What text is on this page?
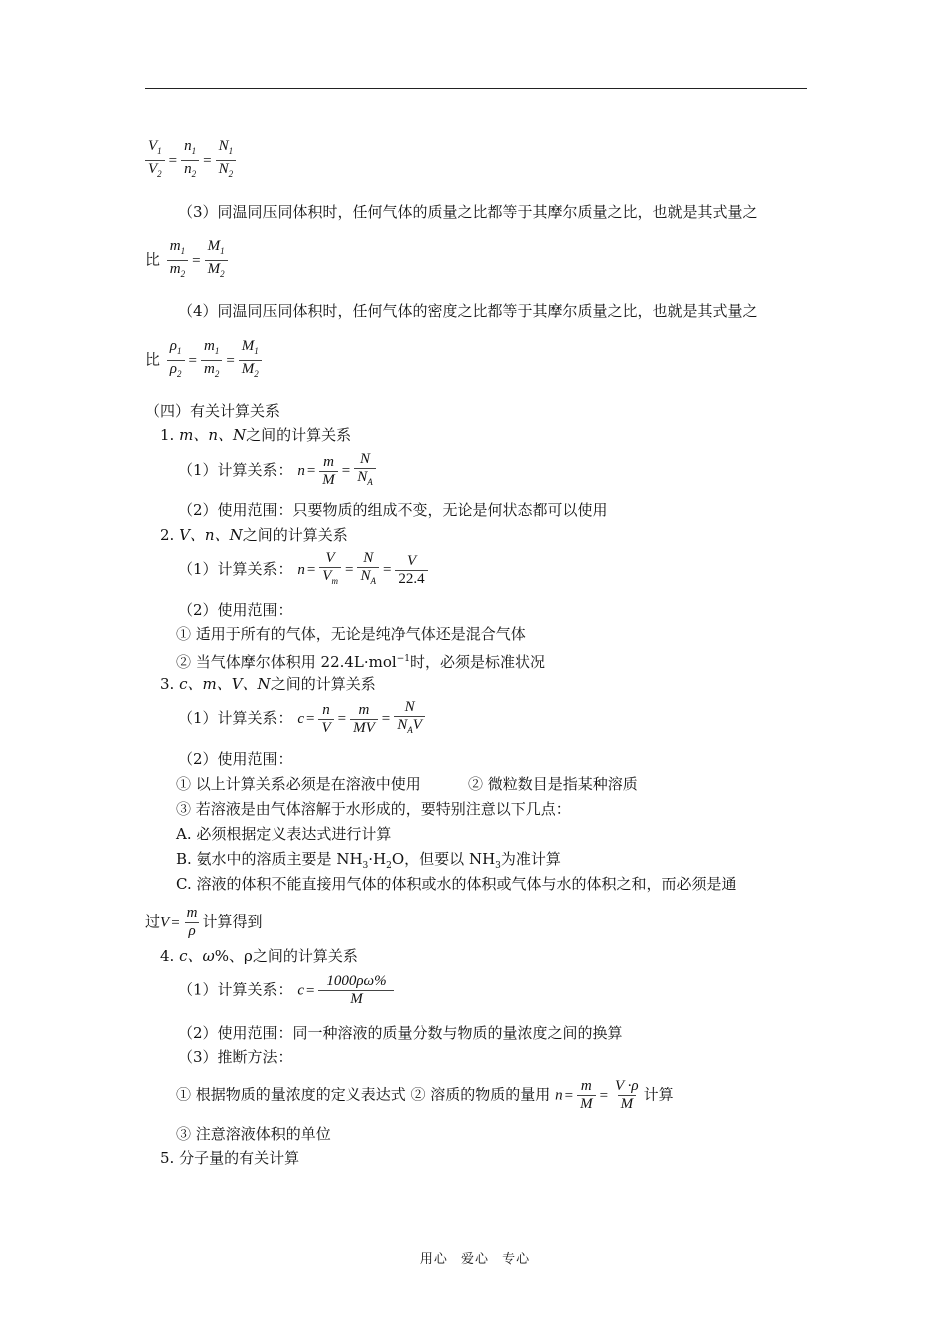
$\frac{V_1}{V_2} = \frac{n_1}{n_2} = \frac{N_1}{N_2}$
（3）同温同压同体积时，任何气体的质量之比都等于其摩尔质量之比，也就是其式量之
比 $\frac{m_1}{m_2} = \frac{M_1}{M_2}$
（4）同温同压同体积时，任何气体的密度之比都等于其摩尔质量之比，也就是其式量之
比 $\frac{\rho_1}{\rho_2} = \frac{m_1}{m_2} = \frac{M_1}{M_2}$
（四）有关计算关系
1. m、n、N之间的计算关系
（1）计算关系： $n = \frac{m}{M} = \frac{N}{N_A}$
（2）使用范围：只要物质的组成不变，无论是何状态都可以使用
2. V、n、N之间的计算关系
（1）计算关系： $n = \frac{V}{V_m} = \frac{N}{N_A} = \frac{V}{22.4}$
（2）使用范围：
① 适用于所有的气体，无论是纯净气体还是混合气体
② 当气体摩尔体积用 22.4L·mol$^{-1}$时，必须是标准状况
3. c、m、V、N之间的计算关系
（1）计算关系： $c = \frac{n}{V} = \frac{m}{MV} = \frac{N}{N_AV}$
（2）使用范围：
① 以上计算关系必须是在溶液中使用	② 微粒数目是指某种溶质
③ 若溶液是由气体溶解于水形成的，要特别注意以下几点：
A. 必须根据定义表达式进行计算
B. 氨水中的溶质主要是 $NH_3\cdot H_2O$，但要以 $NH_3$为准计算
C. 溶液的体积不能直接用气体的体积或水的体积或气体与水的体积之和，而必须是通
过$V = \frac{m}{\rho}$ 计算得到
4. c、ω%、ρ之间的计算关系
（1）计算关系： $c = \frac{1000\rho\omega\%}{M}$
（2）使用范围：同一种溶液的质量分数与物质的量浓度之间的换算
（3）推断方法：
① 根据物质的量浓度的定义表达式 ② 溶质的物质的量用 $n = \frac{m}{M} = \frac{V \cdot\rho}{M}$ 计算
③ 注意溶液体积的单位
5. 分子量的有关计算
用心 爱心 专心
